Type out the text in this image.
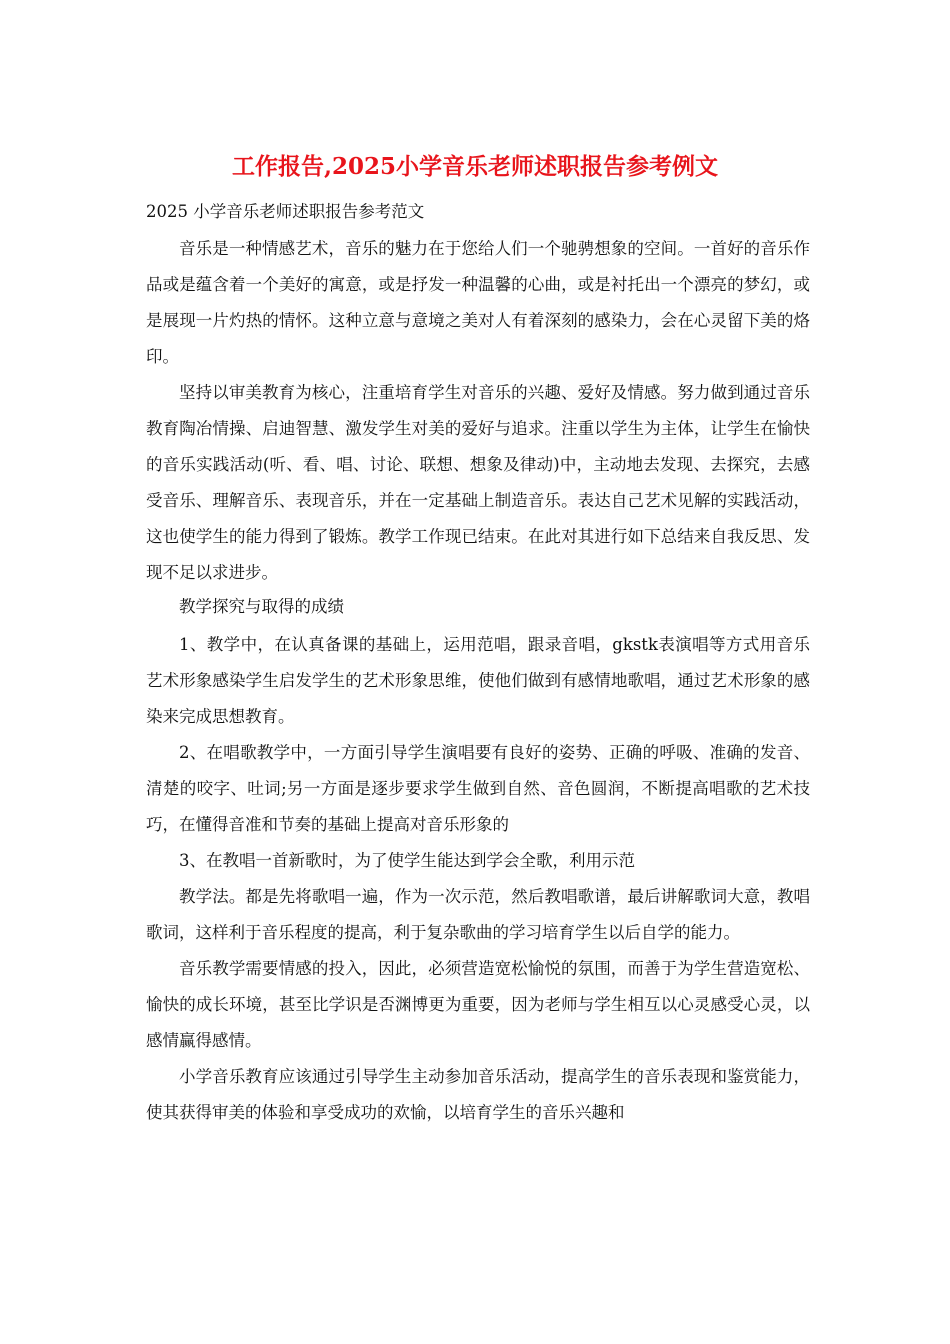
工作报告,2025小学音乐老师述职报告参考例文

2025 小学音乐老师述职报告参考范文

音乐是一种情感艺术，音乐的魅力在于您给人们一个驰骋想象的空间。一首好的音乐作品或是蕴含着一个美好的寓意，或是抒发一种温馨的心曲，或是衬托出一个漂亮的梦幻，或是展现一片灼热的情怀。这种立意与意境之美对人有着深刻的感染力，会在心灵留下美的烙印。

坚持以审美教育为核心，注重培育学生对音乐的兴趣、爱好及情感。努力做到通过音乐教育陶冶情操、启迪智慧、激发学生对美的爱好与追求。注重以学生为主体，让学生在愉快的音乐实践活动(听、看、唱、讨论、联想、想象及律动)中，主动地去发现、去探究，去感受音乐、理解音乐、表现音乐，并在一定基础上制造音乐。表达自己艺术见解的实践活动，这也使学生的能力得到了锻炼。教学工作现已结束。在此对其进行如下总结来自我反思、发现不足以求进步。

教学探究与取得的成绩

1、教学中，在认真备课的基础上，运用范唱，跟录音唱，gkstk表演唱等方式用音乐艺术形象感染学生启发学生的艺术形象思维，使他们做到有感情地歌唱，通过艺术形象的感染来完成思想教育。

2、在唱歌教学中，一方面引导学生演唱要有良好的姿势、正确的呼吸、准确的发音、清楚的咬字、吐词;另一方面是逐步要求学生做到自然、音色圆润，不断提高唱歌的艺术技巧，在懂得音准和节奏的基础上提高对音乐形象的

3、在教唱一首新歌时，为了使学生能达到学会全歌，利用示范

教学法。都是先将歌唱一遍，作为一次示范，然后教唱歌谱，最后讲解歌词大意，教唱歌词，这样利于音乐程度的提高，利于复杂歌曲的学习培育学生以后自学的能力。

音乐教学需要情感的投入，因此，必须营造宽松愉悦的氛围，而善于为学生营造宽松、愉快的成长环境，甚至比学识是否渊博更为重要，因为老师与学生相互以心灵感受心灵，以感情赢得感情。

小学音乐教育应该通过引导学生主动参加音乐活动，提高学生的音乐表现和鉴赏能力，使其获得审美的体验和享受成功的欢愉，以培育学生的音乐兴趣和
